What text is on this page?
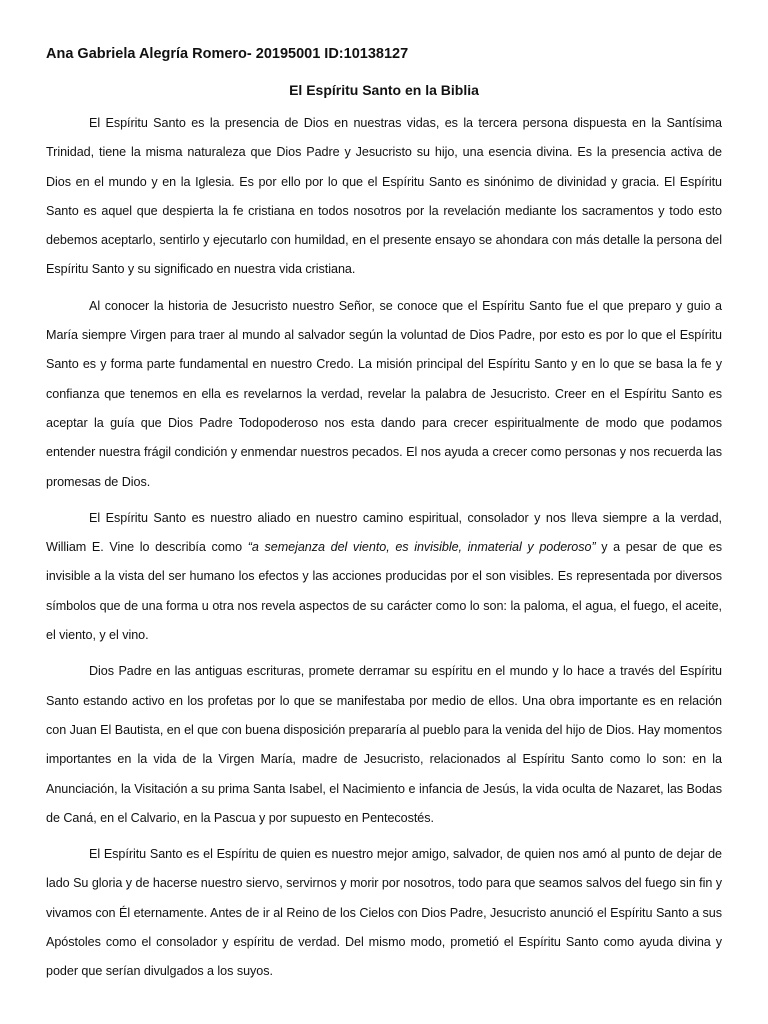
Ana Gabriela Alegría Romero- 20195001 ID:10138127

El Espíritu Santo en la Biblia

El Espíritu Santo es la presencia de Dios en nuestras vidas, es la tercera persona dispuesta en la Santísima Trinidad, tiene la misma naturaleza que Dios Padre y Jesucristo su hijo, una esencia divina. Es la presencia activa de Dios en el mundo y en la Iglesia. Es por ello por lo que el Espíritu Santo es sinónimo de divinidad y gracia. El Espíritu Santo es aquel que despierta la fe cristiana en todos nosotros por la revelación mediante los sacramentos y todo esto debemos aceptarlo, sentirlo y ejecutarlo con humildad, en el presente ensayo se ahondara con más detalle la persona del Espíritu Santo y su significado en nuestra vida cristiana.

Al conocer la historia de Jesucristo nuestro Señor, se conoce que el Espíritu Santo fue el que preparo y guio a María siempre Virgen para traer al mundo al salvador según la voluntad de Dios Padre, por esto es por lo que el Espíritu Santo es y forma parte fundamental en nuestro Credo. La misión principal del Espíritu Santo y en lo que se basa la fe y confianza que tenemos en ella es revelarnos la verdad, revelar la palabra de Jesucristo. Creer en el Espíritu Santo es aceptar la guía que Dios Padre Todopoderoso nos esta dando para crecer espiritualmente de modo que podamos entender nuestra frágil condición y enmendar nuestros pecados. El nos ayuda a crecer como personas y nos recuerda las promesas de Dios.

El Espíritu Santo es nuestro aliado en nuestro camino espiritual, consolador y nos lleva siempre a la verdad, William E. Vine lo describía como “a semejanza del viento, es invisible, inmaterial y poderoso” y a pesar de que es invisible a la vista del ser humano los efectos y las acciones producidas por el son visibles. Es representada por diversos símbolos que de una forma u otra nos revela aspectos de su carácter como lo son: la paloma, el agua, el fuego, el aceite, el viento, y el vino.

Dios Padre en las antiguas escrituras, promete derramar su espíritu en el mundo y lo hace a través del Espíritu Santo estando activo en los profetas por lo que se manifestaba por medio de ellos. Una obra importante es en relación con Juan El Bautista, en el que con buena disposición prepararía al pueblo para la venida del hijo de Dios. Hay momentos importantes en la vida de la Virgen María, madre de Jesucristo, relacionados al Espíritu Santo como lo son: en la Anunciación, la Visitación a su prima Santa Isabel, el Nacimiento e infancia de Jesús, la vida oculta de Nazaret, las Bodas de Caná, en el Calvario, en la Pascua y por supuesto en Pentecostés.

El Espíritu Santo es el Espíritu de quien es nuestro mejor amigo, salvador, de quien nos amó al punto de dejar de lado Su gloria y de hacerse nuestro siervo, servirnos y morir por nosotros, todo para que seamos salvos del fuego sin fin y vivamos con Él eternamente. Antes de ir al Reino de los Cielos con Dios Padre, Jesucristo anunció el Espíritu Santo a sus Apóstoles como el consolador y espíritu de verdad. Del mismo modo, prometió el Espíritu Santo como ayuda divina y poder que serían divulgados a los suyos.
